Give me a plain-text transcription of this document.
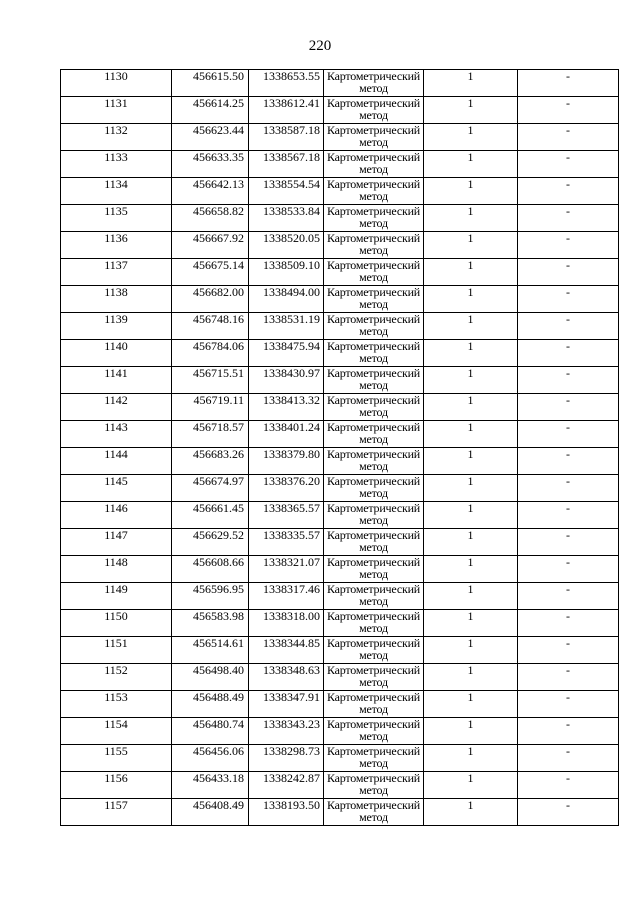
220
1130	456615.50	1338653.55	Картометрический метод	1	-
1131	456614.25	1338612.41	Картометрический метод	1	-
1132	456623.44	1338587.18	Картометрический метод	1	-
1133	456633.35	1338567.18	Картометрический метод	1	-
1134	456642.13	1338554.54	Картометрический метод	1	-
1135	456658.82	1338533.84	Картометрический метод	1	-
1136	456667.92	1338520.05	Картометрический метод	1	-
1137	456675.14	1338509.10	Картометрический метод	1	-
1138	456682.00	1338494.00	Картометрический метод	1	-
1139	456748.16	1338531.19	Картометрический метод	1	-
1140	456784.06	1338475.94	Картометрический метод	1	-
1141	456715.51	1338430.97	Картометрический метод	1	-
1142	456719.11	1338413.32	Картометрический метод	1	-
1143	456718.57	1338401.24	Картометрический метод	1	-
1144	456683.26	1338379.80	Картометрический метод	1	-
1145	456674.97	1338376.20	Картометрический метод	1	-
1146	456661.45	1338365.57	Картометрический метод	1	-
1147	456629.52	1338335.57	Картометрический метод	1	-
1148	456608.66	1338321.07	Картометрический метод	1	-
1149	456596.95	1338317.46	Картометрический метод	1	-
1150	456583.98	1338318.00	Картометрический метод	1	-
1151	456514.61	1338344.85	Картометрический метод	1	-
1152	456498.40	1338348.63	Картометрический метод	1	-
1153	456488.49	1338347.91	Картометрический метод	1	-
1154	456480.74	1338343.23	Картометрический метод	1	-
1155	456456.06	1338298.73	Картометрический метод	1	-
1156	456433.18	1338242.87	Картометрический метод	1	-
1157	456408.49	1338193.50	Картометрический метод	1	-
